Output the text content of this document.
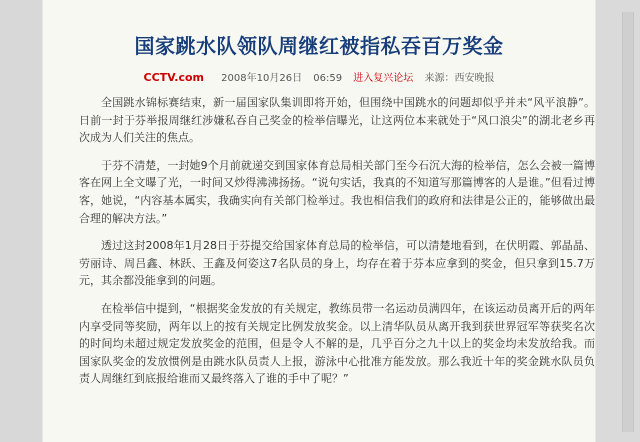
国家跳水队领队周继红被指私吞百万奖金
CCTV.com 2008年10月26日 06:59 进入复兴论坛 来源：西安晚报

全国跳水锦标赛结束，新一届国家队集训即将开始，但围绕中国跳水的问题却似乎并未“风平浪静”。日前一封于芬举报周继红涉嫌私吞自己奖金的检举信曝光，让这两位本来就处于“风口浪尖”的湖北老乡再次成为人们关注的焦点。

于芬不清楚，一封她9个月前就递交到国家体育总局相关部门至今石沉大海的检举信，怎么会被一篇博客在网上全文曝了光，一时间又炒得沸沸扬扬。“说句实话，我真的不知道写那篇博客的人是谁。”但看过博客，她说，“内容基本属实，我确实向有关部门检举过。我也相信我们的政府和法律是公正的，能够做出最合理的解决方法。”

透过这封2008年1月28日于芬提交给国家体育总局的检举信，可以清楚地看到，在伏明霞、郭晶晶、劳丽诗、周吕鑫、林跃、王鑫及何姿这7名队员的身上，均存在着于芬本应拿到的奖金，但只拿到15.7万元，其余都没能拿到的问题。

在检举信中提到，“根据奖金发放的有关规定，教练员带一名运动员满四年，在该运动员离开后的两年内享受同等奖励，两年以上的按有关规定比例发放奖金。以上清华队员从离开我到获世界冠军等获奖名次的时间均未超过规定发放奖金的范围，但是令人不解的是，几乎百分之九十以上的奖金均未发放给我。而国家队奖金的发放惯例是由跳水队员责人上报，游泳中心批准方能发放。那么我近十年的奖金跳水队员负责人周继红到底报给谁而又最终落入了谁的手中了呢？”
